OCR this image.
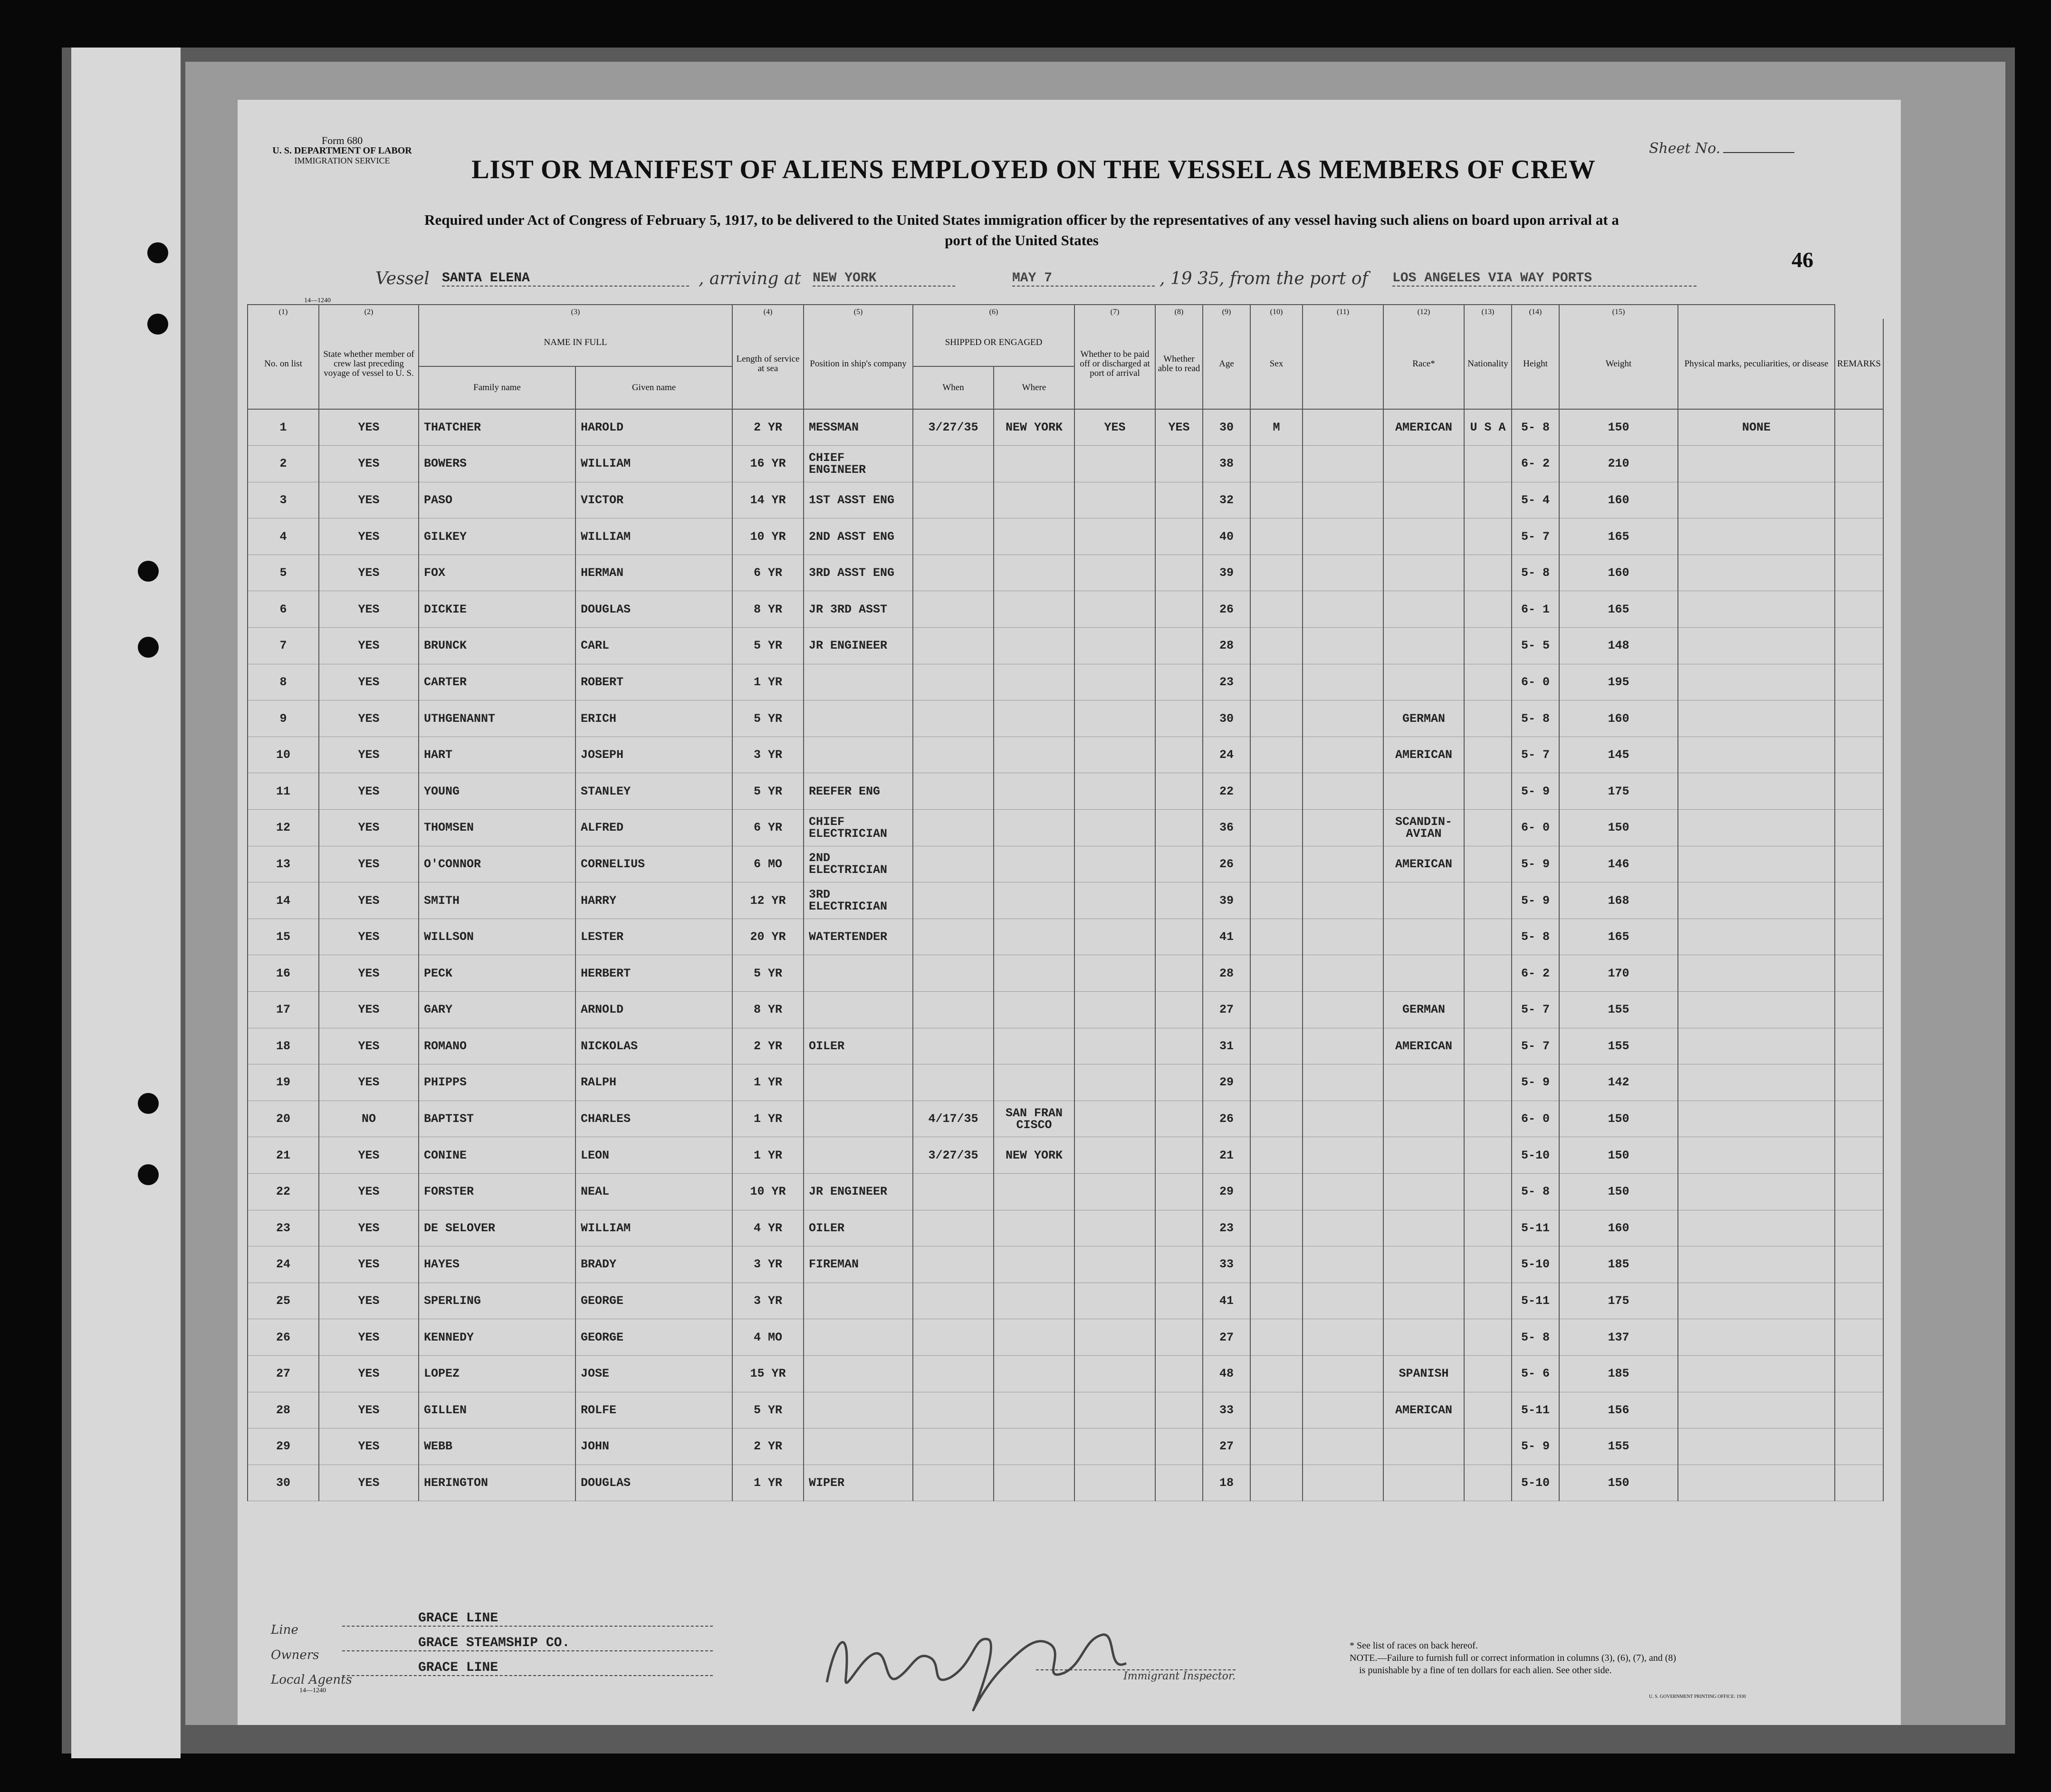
Form 680
U. S. DEPARTMENT OF LABOR
IMMIGRATION SERVICE
Sheet No.
LIST OR MANIFEST OF ALIENS EMPLOYED ON THE VESSEL AS MEMBERS OF CREW
Required under Act of Congress of February 5, 1917, to be delivered to the United States immigration officer by the representatives of any vessel having such aliens on board upon arrival at a
port of the United States
46
Vessel SANTA ELENA	, arriving at NEW YORK	MAY 7	, 19 35 , from the port of LOS ANGELES VIA WAY PORTS
14—1240
(1)	(2)	(3)		(4)	(5)	(6)		(7)	(8)	(9)	(10)	(11)	(12)	(13)	(14)	(15)		
No. on list	State whether member of crew last preceding voyage of vessel to U. S.	NAME IN FULL		Length of service at sea	Position in ship's company	SHIPPED OR ENGAGED		Whether to be paid off or discharged at port of arrival	Whether able to read	Age	Sex		Race*	Nationality	Height	Weight	Physical marks, peculiarities, or disease	REMARKS
		Family name	Given name			When	Where											
1	YES	THATCHER	HAROLD	2 YR	MESSMAN	3/27/35	NEW YORK	YES	YES	30	M		AMERICAN	U S A	5- 8	150	NONE	
2	YES	BOWERS	WILLIAM	16 YR	CHIEF ENGINEER					38					6- 2	210		
3	YES	PASO	VICTOR	14 YR	1ST ASST ENG					32					5- 4	160		
4	YES	GILKEY	WILLIAM	10 YR	2ND ASST ENG					40					5- 7	165		
5	YES	FOX	HERMAN	6 YR	3RD ASST ENG					39					5- 8	160		
6	YES	DICKIE	DOUGLAS	8 YR	JR 3RD ASST					26					6- 1	165		
7	YES	BRUNCK	CARL	5 YR	JR ENGINEER					28					5- 5	148		
8	YES	CARTER	ROBERT	1 YR						23					6- 0	195		
9	YES	UTHGENANNT	ERICH	5 YR						30			GERMAN		5- 8	160		
10	YES	HART	JOSEPH	3 YR						24			AMERICAN		5- 7	145		
11	YES	YOUNG	STANLEY	5 YR	REEFER ENG					22					5- 9	175		
12	YES	THOMSEN	ALFRED	6 YR	CHIEF ELECTRICIAN					36			SCANDIN-AVIAN		6- 0	150		
13	YES	O'CONNOR	CORNELIUS	6 MO	2ND ELECTRICIAN					26			AMERICAN		5- 9	146		
14	YES	SMITH	HARRY	12 YR	3RD ELECTRICIAN					39					5- 9	168		
15	YES	WILLSON	LESTER	20 YR	WATERTENDER					41					5- 8	165		
16	YES	PECK	HERBERT	5 YR						28					6- 2	170		
17	YES	GARY	ARNOLD	8 YR						27			GERMAN		5- 7	155		
18	YES	ROMANO	NICKOLAS	2 YR	OILER					31			AMERICAN		5- 7	155		
19	YES	PHIPPS	RALPH	1 YR						29					5- 9	142		
20	NO	BAPTIST	CHARLES	1 YR		4/17/35	SAN FRAN CISCO			26					6- 0	150		
21	YES	CONINE	LEON	1 YR		3/27/35	NEW YORK			21					5-10	150		
22	YES	FORSTER	NEAL	10 YR	JR ENGINEER					29					5- 8	150		
23	YES	DE SELOVER	WILLIAM	4 YR	OILER					23					5-11	160		
24	YES	HAYES	BRADY	3 YR	FIREMAN					33					5-10	185		
25	YES	SPERLING	GEORGE	3 YR						41					5-11	175		
26	YES	KENNEDY	GEORGE	4 MO						27					5- 8	137		
27	YES	LOPEZ	JOSE	15 YR						48			SPANISH		5- 6	185		
28	YES	GILLEN	ROLFE	5 YR						33			AMERICAN		5-11	156		
29	YES	WEBB	JOHN	2 YR						27					5- 9	155		
30	YES	HERINGTON	DOUGLAS	1 YR	WIPER					18					5-10	150		
Line
GRACE LINE
Owners
GRACE STEAMSHIP CO.
Local Agents
GRACE LINE
14—1240
Immigrant Inspector.
* See list of races on back hereof.
NOTE.—Failure to furnish full or correct information in columns (3), (6), (7), and (8)
is punishable by a fine of ten dollars for each alien. See other side.
U. S. GOVERNMENT PRINTING OFFICE: 1930
